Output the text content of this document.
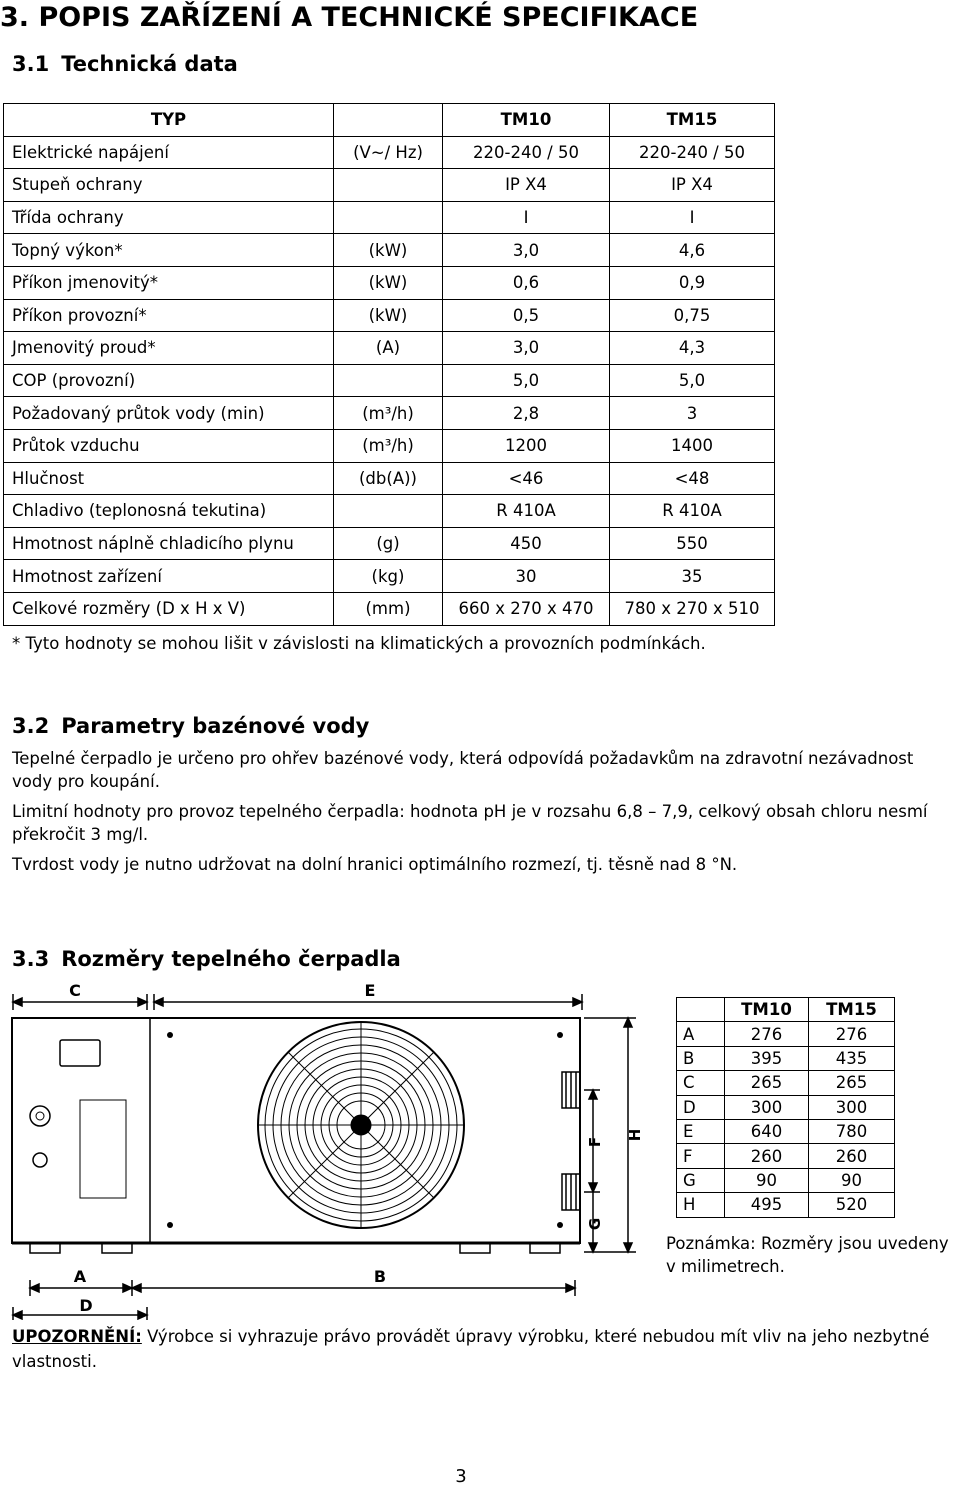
3. POPIS ZAŘÍZENÍ A TECHNICKÉ SPECIFIKACE
3.1 Technická data
TYP		TM10	TM15
Elektrické napájení	(V~/ Hz)	220-240 / 50	220-240 / 50
Stupeň ochrany		IP X4	IP X4
Třída ochrany		I	I
Topný výkon*	(kW)	3,0	4,6
Příkon jmenovitý*	(kW)	0,6	0,9
Příkon provozní*	(kW)	0,5	0,75
Jmenovitý proud*	(A)	3,0	4,3
COP (provozní)		5,0	5,0
Požadovaný průtok vody (min)	(m³/h)	2,8	3
Průtok vzduchu	(m³/h)	1200	1400
Hlučnost	(db(A))	<46	<48
Chladivo (teplonosná tekutina)		R 410A	R 410A
Hmotnost náplně chladicího plynu	(g)	450	550
Hmotnost zařízení	(kg)	30	35
Celkové rozměry (D x H x V)	(mm)	660 x 270 x 470	780 x 270 x 510

* Tyto hodnoty se mohou lišit v závislosti na klimatických a provozních podmínkách.

3.2 Parametry bazénové vody

Tepelné čerpadlo je určeno pro ohřev bazénové vody, která odpovídá požadavkům na zdravotní nezávadnost vody pro koupání.

Limitní hodnoty pro provoz tepelného čerpadla: hodnota pH je v rozsahu 6,8 – 7,9, celkový obsah chloru nesmí překročit 3 mg/l.

Tvrdost vody je nutno udržovat na dolní hranici optimálního rozmezí, tj. těsně nad 8 °N.

3.3 Rozměry tepelného čerpadla
C	E
F
G
H
A	B
D
	TM10	TM15
A	276	276
B	395	435
C	265	265
D	300	300
E	640	780
F	260	260
G	90	90
H	495	520

Poznámka: Rozměry jsou uvedeny v milimetrech.

UPOZORNĚNÍ: Výrobce si vyhrazuje právo provádět úpravy výrobku, které nebudou mít vliv na jeho nezbytné vlastnosti.

3
